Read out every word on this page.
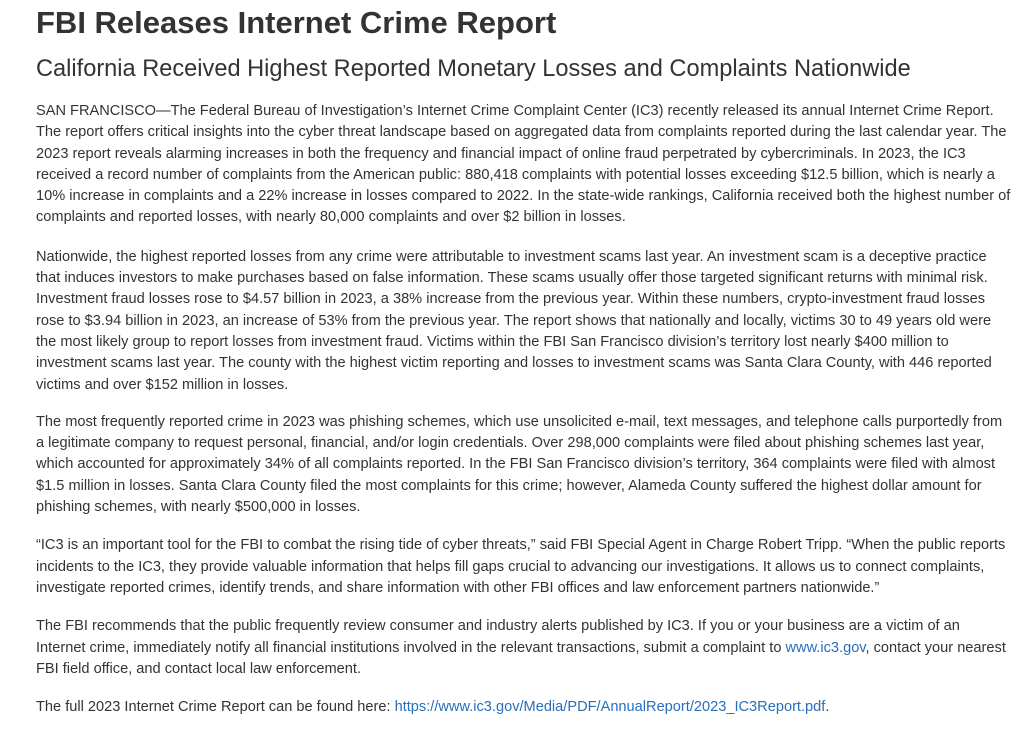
FBI Releases Internet Crime Report
California Received Highest Reported Monetary Losses and Complaints Nationwide

SAN FRANCISCO—The Federal Bureau of Investigation’s Internet Crime Complaint Center (IC3) recently released its annual Internet Crime Report. The report offers critical insights into the cyber threat landscape based on aggregated data from complaints reported during the last calendar year. The 2023 report reveals alarming increases in both the frequency and financial impact of online fraud perpetrated by cybercriminals. In 2023, the IC3 received a record number of complaints from the American public: 880,418 complaints with potential losses exceeding $12.5 billion, which is nearly a 10% increase in complaints and a 22% increase in losses compared to 2022. In the state-wide rankings, California received both the highest number of complaints and reported losses, with nearly 80,000 complaints and over $2 billion in losses.

Nationwide, the highest reported losses from any crime were attributable to investment scams last year. An investment scam is a deceptive practice that induces investors to make purchases based on false information. These scams usually offer those targeted significant returns with minimal risk. Investment fraud losses rose to $4.57 billion in 2023, a 38% increase from the previous year. Within these numbers, crypto-investment fraud losses rose to $3.94 billion in 2023, an increase of 53% from the previous year. The report shows that nationally and locally, victims 30 to 49 years old were the most likely group to report losses from investment fraud. Victims within the FBI San Francisco division’s territory lost nearly $400 million to investment scams last year. The county with the highest victim reporting and losses to investment scams was Santa Clara County, with 446 reported victims and over $152 million in losses.

The most frequently reported crime in 2023 was phishing schemes, which use unsolicited e-mail, text messages, and telephone calls purportedly from a legitimate company to request personal, financial, and/or login credentials. Over 298,000 complaints were filed about phishing schemes last year, which accounted for approximately 34% of all complaints reported. In the FBI San Francisco division’s territory, 364 complaints were filed with almost $1.5 million in losses. Santa Clara County filed the most complaints for this crime; however, Alameda County suffered the highest dollar amount for phishing schemes, with nearly $500,000 in losses.

“IC3 is an important tool for the FBI to combat the rising tide of cyber threats,” said FBI Special Agent in Charge Robert Tripp. “When the public reports incidents to the IC3, they provide valuable information that helps fill gaps crucial to advancing our investigations. It allows us to connect complaints, investigate reported crimes, identify trends, and share information with other FBI offices and law enforcement partners nationwide.”

The FBI recommends that the public frequently review consumer and industry alerts published by IC3. If you or your business are a victim of an Internet crime, immediately notify all financial institutions involved in the relevant transactions, submit a complaint to www.ic3.gov, contact your nearest FBI field office, and contact local law enforcement.

The full 2023 Internet Crime Report can be found here: https://www.ic3.gov/Media/PDF/AnnualReport/2023_IC3Report.pdf.
